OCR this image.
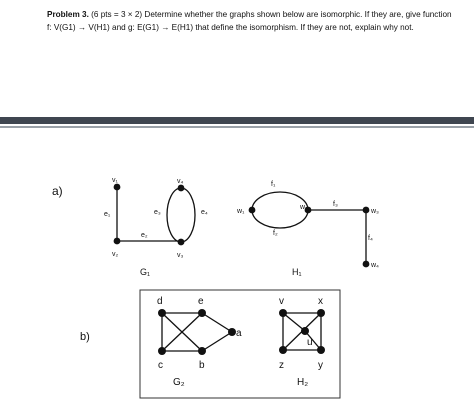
Problem 3. (6 pts = 3 × 2) Determine whether the graphs shown below are isomorphic. If they are, give function f: V(G1) → V(H1) and g: E(G1) → E(H1) that define the isomorphism. If they are not, explain why not.
a)
v₁
v₂	v₃
v₄
e₁
e₂
e₃	e₄
G₁
w₁
w₂
w₃
w₄
f₁
f₂
f₃
f₄
H₁
b)
d	e
c	b
a
G₂
v	x
z	y
u
H₂
